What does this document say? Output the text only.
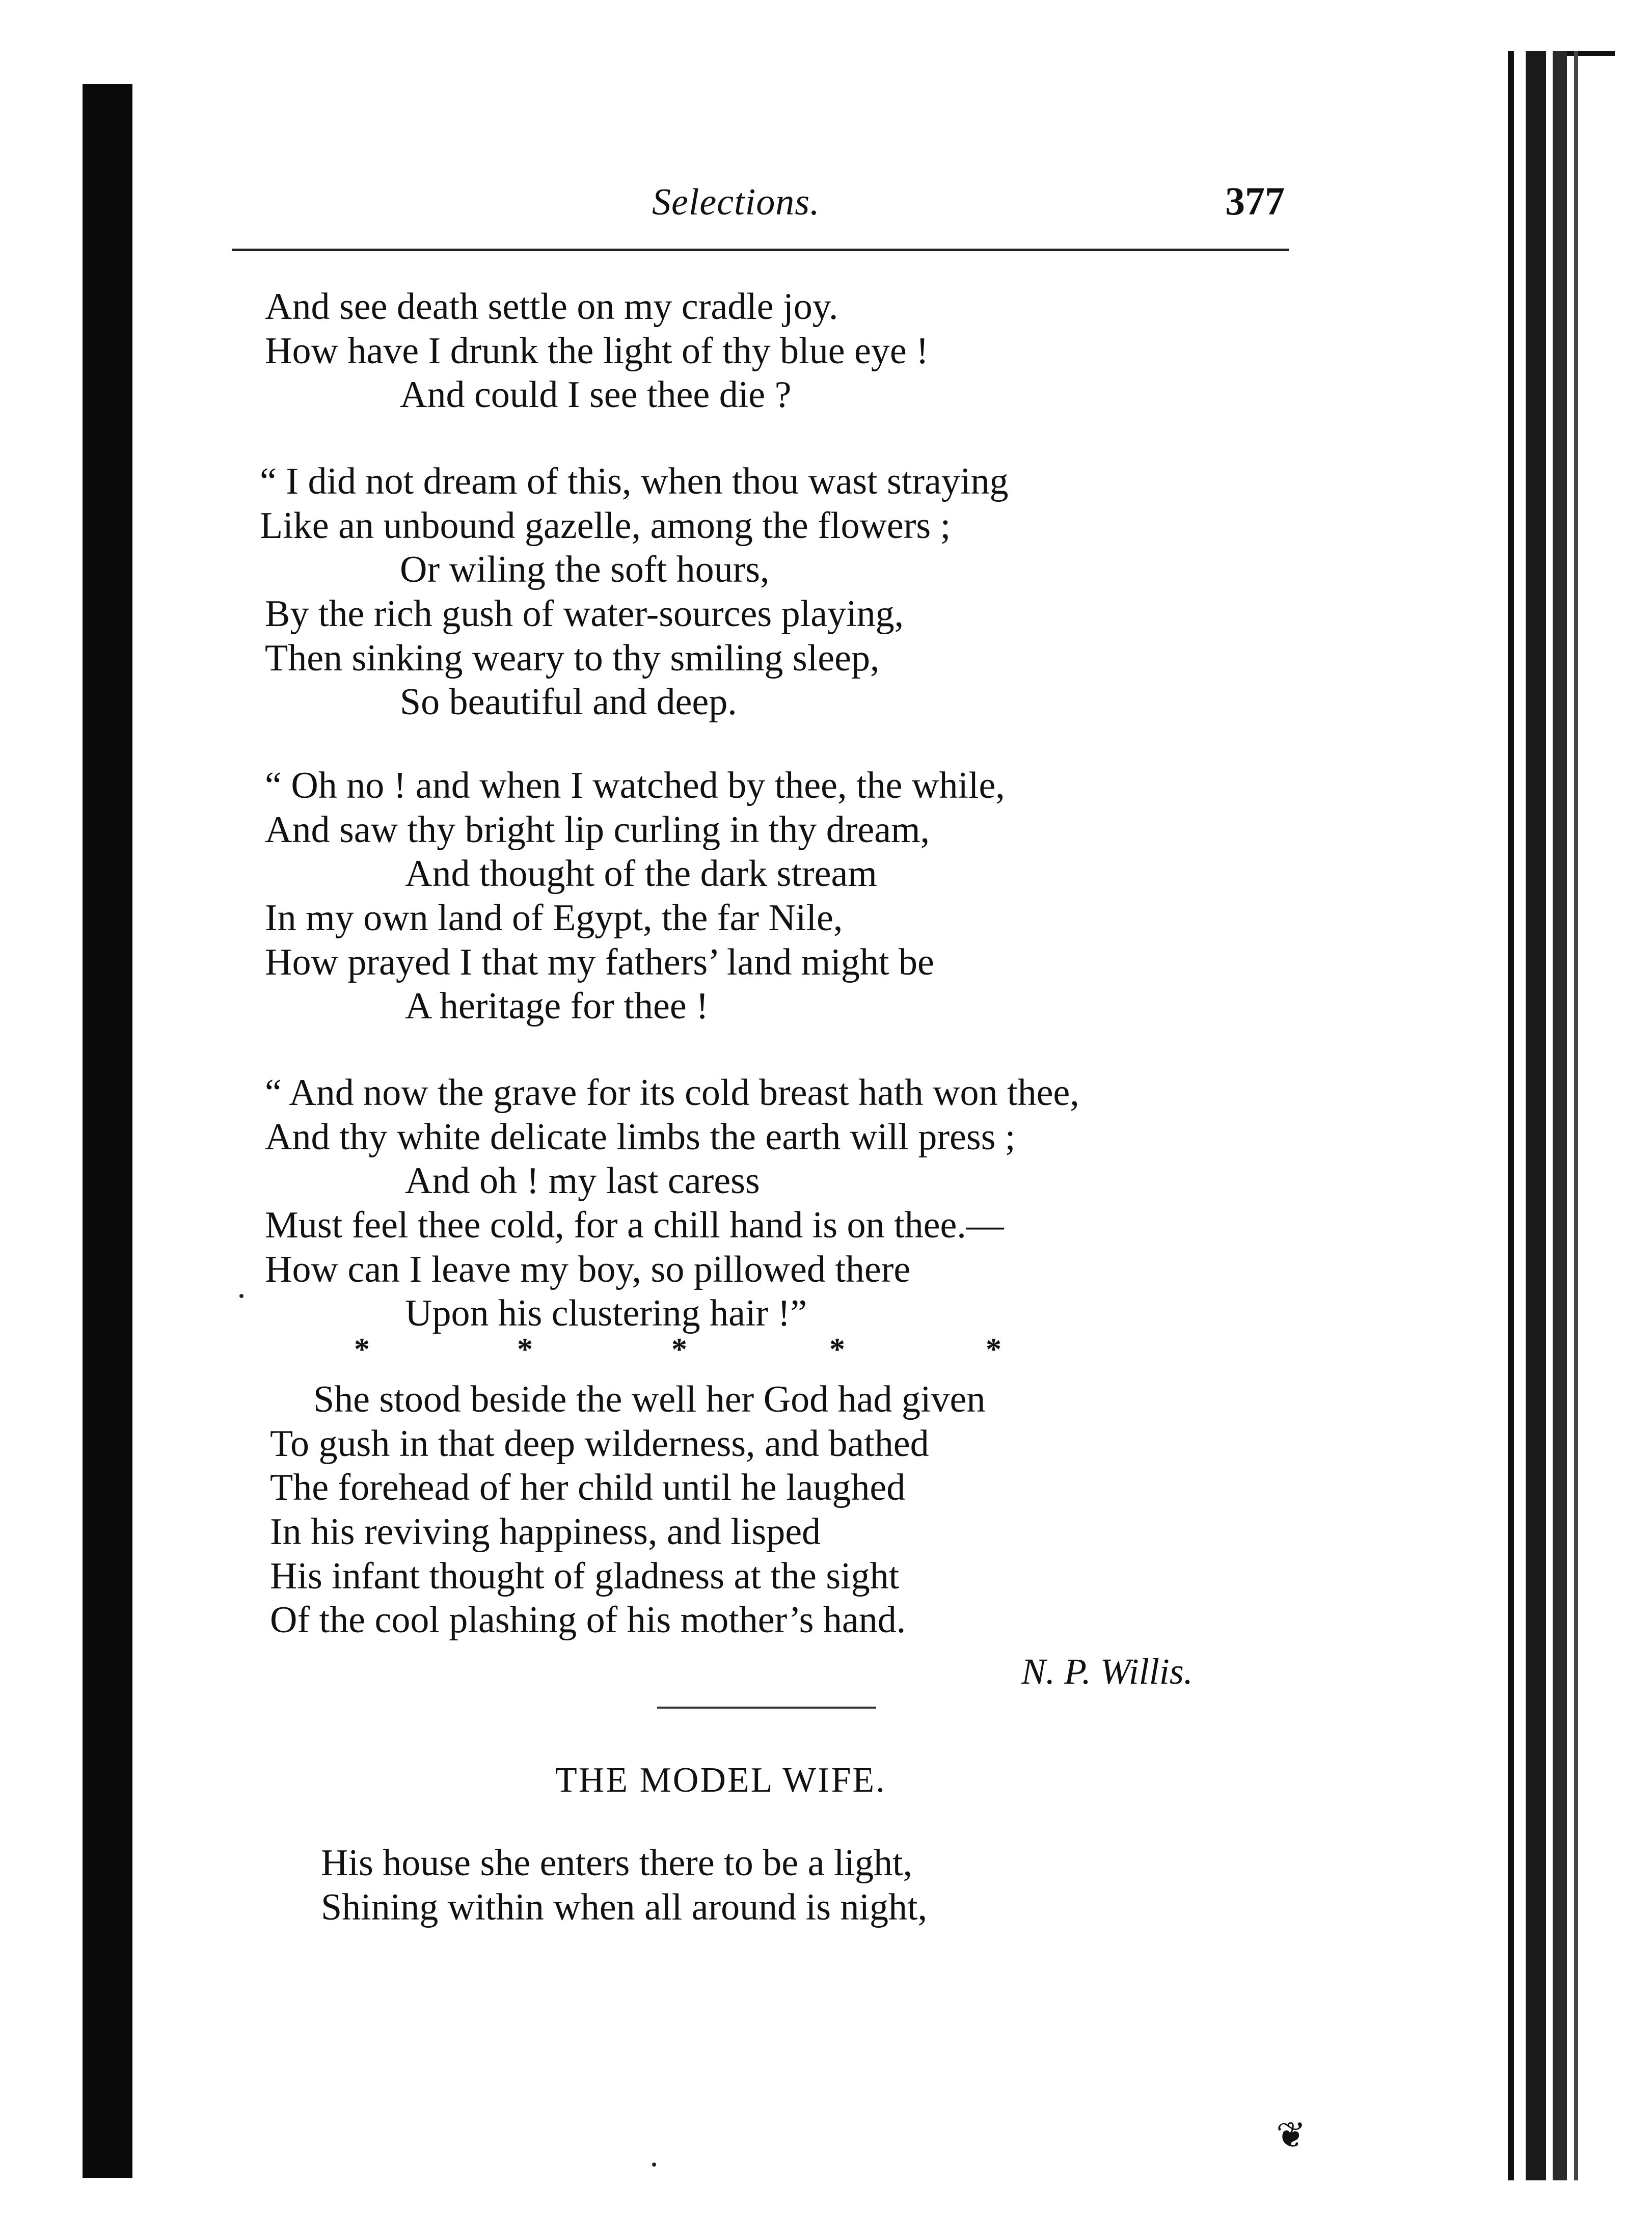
Selections.	377
And see death settle on my cradle joy.
How have I drunk the light of thy blue eye !
And could I see thee die ?
“ I did not dream of this, when thou wast straying
Like an unbound gazelle, among the flowers ;
Or wiling the soft hours,
By the rich gush of water-sources playing,
Then sinking weary to thy smiling sleep,
So beautiful and deep.
“ Oh no ! and when I watched by thee, the while,
And saw thy bright lip curling in thy dream,
And thought of the dark stream
In my own land of Egypt, the far Nile,
How prayed I that my fathers’ land might be
A heritage for thee !
“ And now the grave for its cold breast hath won thee,
And thy white delicate limbs the earth will press ;
And oh ! my last caress
Must feel thee cold, for a chill hand is on thee.—
How can I leave my boy, so pillowed there
Upon his clustering hair !”
*	*	*	*	*
She stood beside the well her God had given
To gush in that deep wilderness, and bathed
The forehead of her child until he laughed
In his reviving happiness, and lisped
His infant thought of gladness at the sight
Of the cool plashing of his mother’s hand.
N. P. Willis.
THE MODEL WIFE.
His house she enters there to be a light,
Shining within when all around is night,
❦
